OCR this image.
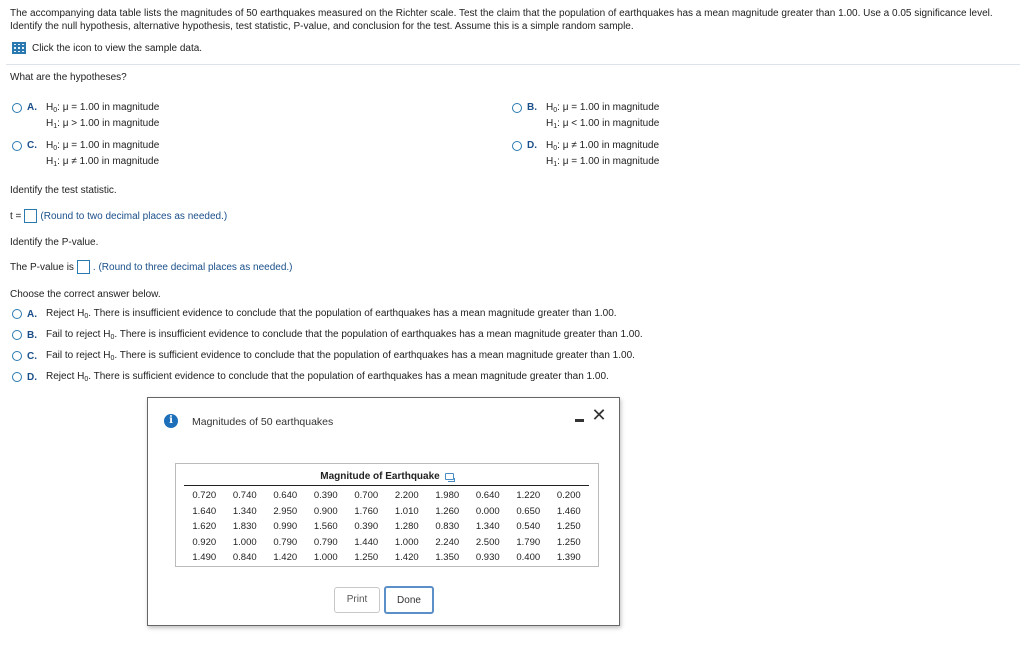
The accompanying data table lists the magnitudes of 50 earthquakes measured on the Richter scale. Test the claim that the population of earthquakes has a mean magnitude greater than 1.00. Use a 0.05 significance level. Identify the null hypothesis, alternative hypothesis, test statistic, P-value, and conclusion for the test. Assume this is a simple random sample.
Click the icon to view the sample data.
What are the hypotheses?
A. $H_0$: μ = 1.00 in magnitude
$H_1$: μ > 1.00 in magnitude
B. $H_0$: μ = 1.00 in magnitude
$H_1$: μ < 1.00 in magnitude
C. $H_0$: μ = 1.00 in magnitude
$H_1$: μ ≠ 1.00 in magnitude
D. $H_0$: μ ≠ 1.00 in magnitude
$H_1$: μ = 1.00 in magnitude
Identify the test statistic.
t = (Round to two decimal places as needed.)
Identify the P-value.
The P-value is . (Round to three decimal places as needed.)
Choose the correct answer below.
A. Reject $H_0$. There is insufficient evidence to conclude that the population of earthquakes has a mean magnitude greater than 1.00.
B. Fail to reject $H_0$. There is insufficient evidence to conclude that the population of earthquakes has a mean magnitude greater than 1.00.
C. Fail to reject $H_0$. There is sufficient evidence to conclude that the population of earthquakes has a mean magnitude greater than 1.00.
D. Reject $H_0$. There is sufficient evidence to conclude that the population of earthquakes has a mean magnitude greater than 1.00.
i	Magnitudes of 50 earthquakes	✕
Magnitude of Earthquake
0.720	0.740	0.640	0.390	0.700	2.200	1.980	0.640	1.220	0.200
1.640	1.340	2.950	0.900	1.760	1.010	1.260	0.000	0.650	1.460
1.620	1.830	0.990	1.560	0.390	1.280	0.830	1.340	0.540	1.250
0.920	1.000	0.790	0.790	1.440	1.000	2.240	2.500	1.790	1.250
1.490	0.840	1.420	1.000	1.250	1.420	1.350	0.930	0.400	1.390
Print	Done
